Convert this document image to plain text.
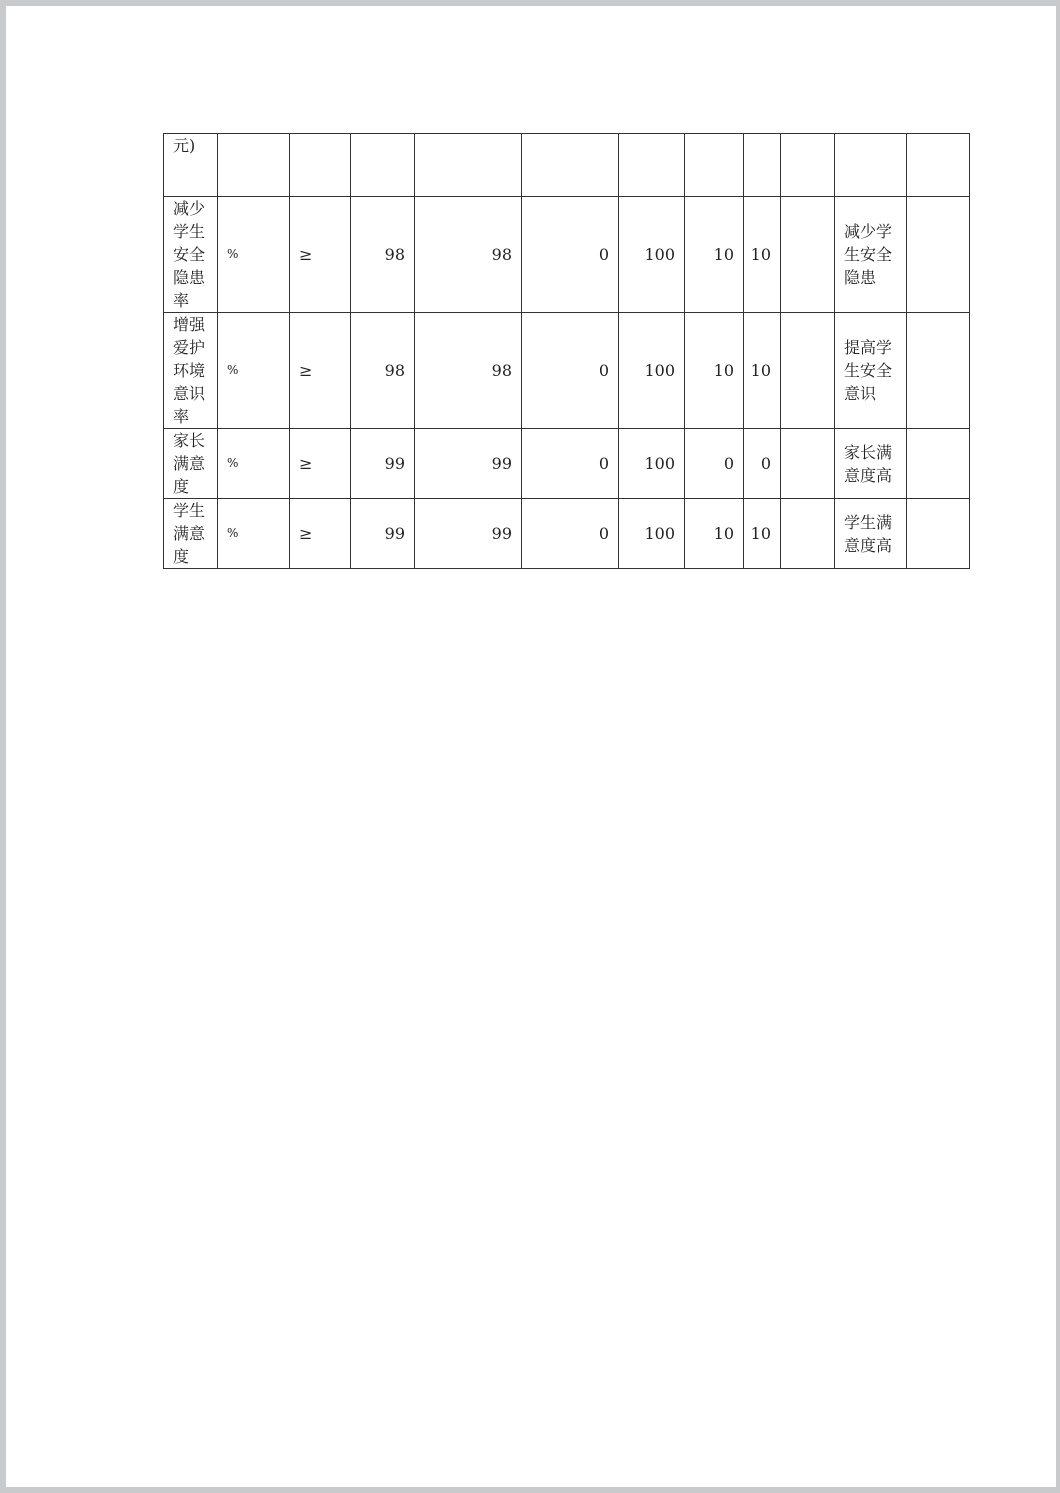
元)											
减少学生安全隐患率	%	≥	98	98	0	100	10	10		减少学生安全隐患	
增强爱护环境意识率	%	≥	98	98	0	100	10	10		提高学生安全意识	
家长满意度	%	≥	99	99	0	100	0	0		家长满意度高	
学生满意度	%	≥	99	99	0	100	10	10		学生满意度高	
